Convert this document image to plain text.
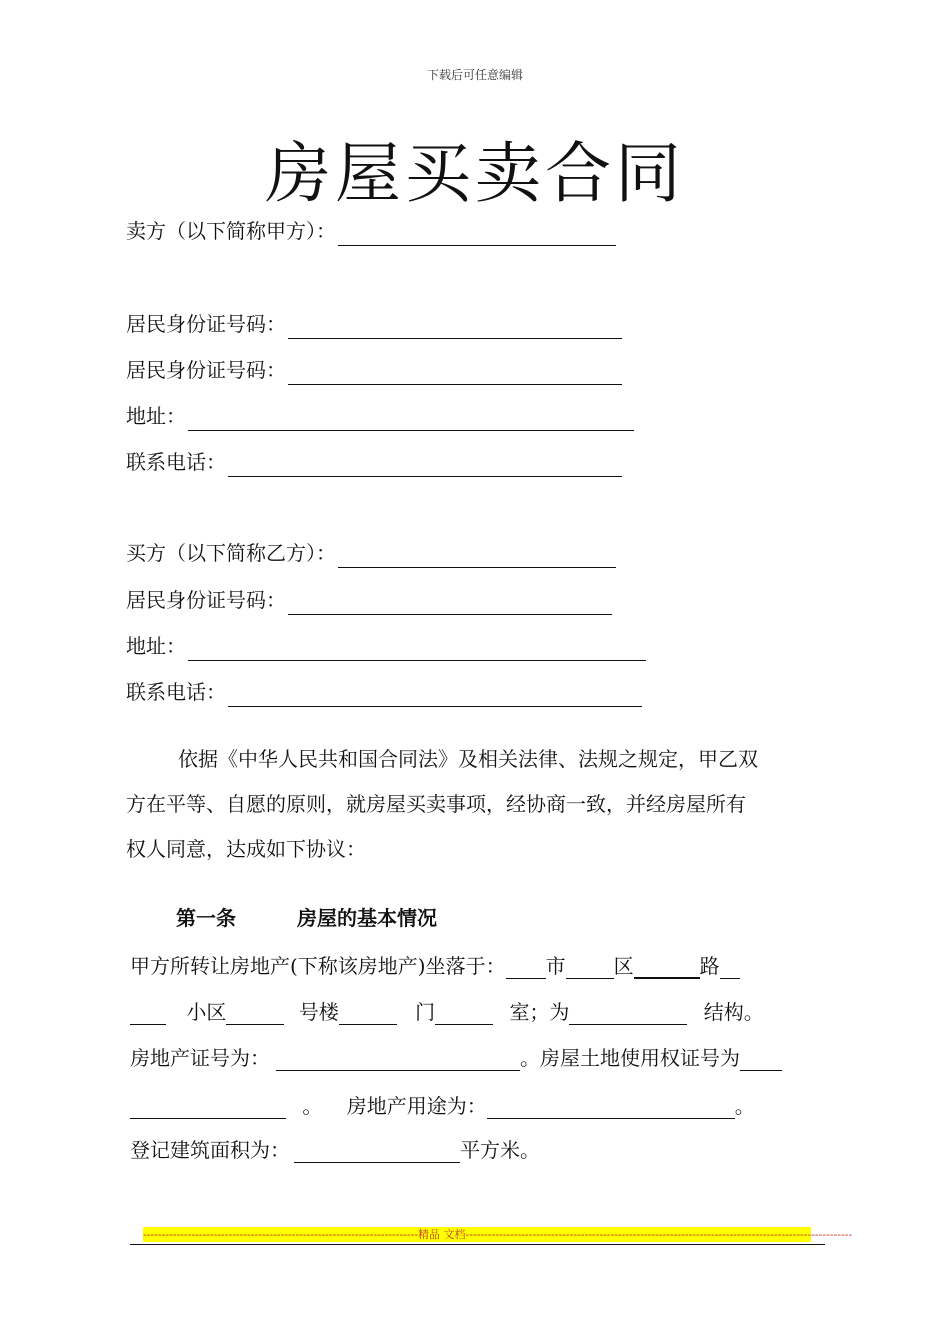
下载后可任意编辑
房屋买卖合同
卖方（以下简称甲方）：
居民身份证号码：
居民身份证号码：
地址：
联系电话：
买方（以下简称乙方）：
居民身份证号码：
地址：
联系电话：
依据《中华人民共和国合同法》及相关法律、法规之规定，甲乙双
方在平等、自愿的原则，就房屋买卖事项，经协商一致，并经房屋所有
权人同意，达成如下协议：
第一条	房屋的基本情况
甲方所转让房地产(下称该房地产)坐落于： 市 区	路
小区	号楼	门	室；为	结构。
房地产证号为：	。房屋土地使用权证号为
。 房地产用途为：	。
登记建筑面积为：	平方米。
--------------------------------------------------------------------------精品 文档--------------------------------------------------------------------------------------------------------
